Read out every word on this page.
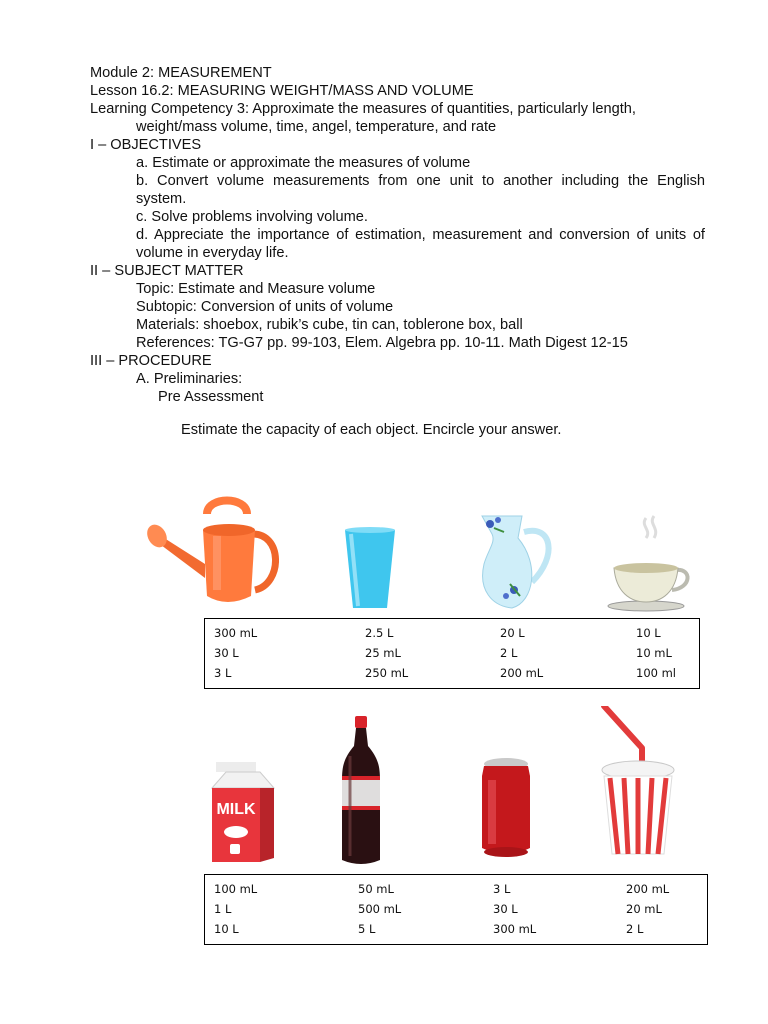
Module 2: MEASUREMENT
Lesson 16.2: MEASURING WEIGHT/MASS AND VOLUME
Learning Competency 3: Approximate the measures of quantities, particularly length,
weight/mass volume, time, angel, temperature, and rate
I – OBJECTIVES
a. Estimate or approximate the measures of volume
b. Convert volume measurements from one unit to another including the English system.
c. Solve problems involving volume.
d. Appreciate the importance of estimation, measurement and conversion of units of volume in everyday life.
II – SUBJECT MATTER
Topic: Estimate and Measure volume
Subtopic: Conversion of units of volume
Materials: shoebox, rubik’s cube, tin can, toblerone box, ball
References: TG-G7 pp. 99-103, Elem. Algebra pp. 10-11. Math Digest 12-15
III – PROCEDURE
A. Preliminaries:
Pre Assessment
Estimate the capacity of each object. Encircle your answer.
300 mL
30 L
3 L
2.5 L
25 mL
250 mL
20 L
2 L
200 mL
10 L
10 mL
100 ml
MILK
100 mL
1 L
10 L
50 mL
500 mL
5 L
3 L
30 L
300 mL
200 mL
20 mL
2 L
